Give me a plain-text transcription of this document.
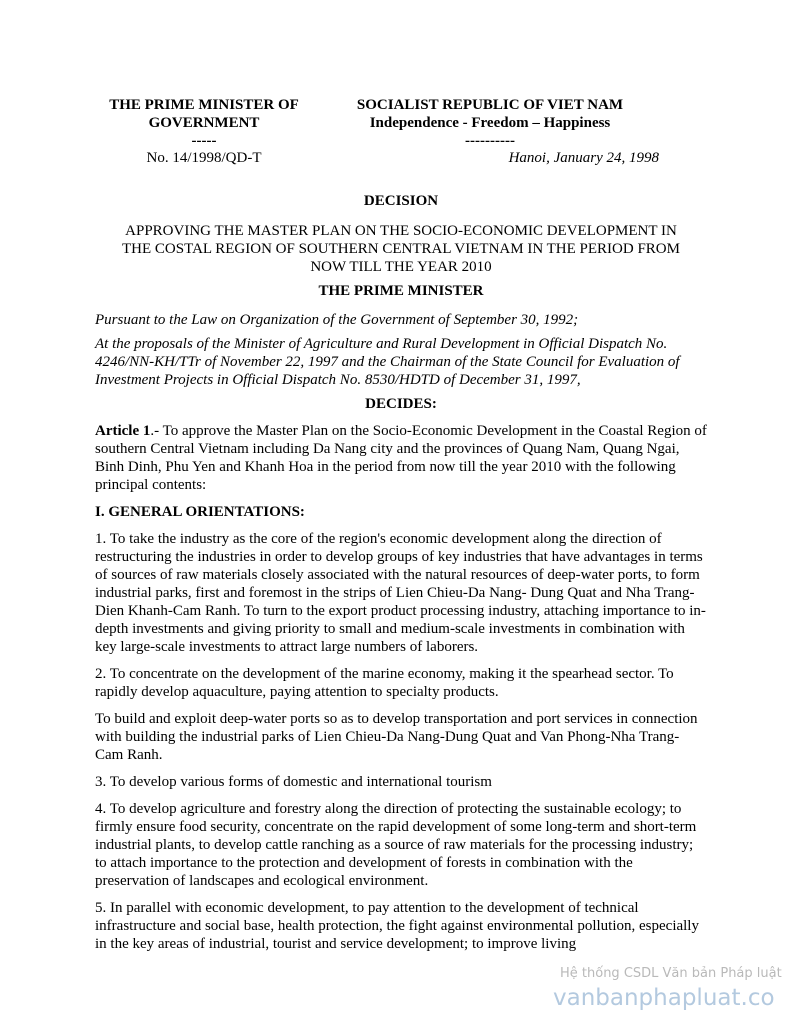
THE PRIME MINISTER OF
GOVERNMENT
-----
SOCIALIST REPUBLIC OF VIET NAM
Independence - Freedom – Happiness
----------
No. 14/1998/QD-T	Hanoi, January 24, 1998
DECISION
APPROVING THE MASTER PLAN ON THE SOCIO-ECONOMIC DEVELOPMENT IN
THE COSTAL REGION OF SOUTHERN CENTRAL VIETNAM IN THE PERIOD FROM
NOW TILL THE YEAR 2010
THE PRIME MINISTER
Pursuant to the Law on Organization of the Government of September 30, 1992;
At the proposals of the Minister of Agriculture and Rural Development in Official Dispatch No. 4246/NN-KH/TTr of November 22, 1997 and the Chairman of the State Council for Evaluation of Investment Projects in Official Dispatch No. 8530/HDTD of December 31, 1997,
DECIDES:
Article 1.- To approve the Master Plan on the Socio-Economic Development in the Coastal Region of southern Central Vietnam including Da Nang city and the provinces of Quang Nam, Quang Ngai, Binh Dinh, Phu Yen and Khanh Hoa in the period from now till the year 2010 with the following principal contents:
I. GENERAL ORIENTATIONS:
1. To take the industry as the core of the region's economic development along the direction of restructuring the industries in order to develop groups of key industries that have advantages in terms of sources of raw materials closely associated with the natural resources of deep-water ports, to form industrial parks, first and foremost in the strips of Lien Chieu-Da Nang- Dung Quat and Nha Trang-Dien Khanh-Cam Ranh. To turn to the export product processing industry, attaching importance to in-depth investments and giving priority to small and medium-scale investments in combination with key large-scale investments to attract large numbers of laborers.
2. To concentrate on the development of the marine economy, making it the spearhead sector. To rapidly develop aquaculture, paying attention to specialty products.
To build and exploit deep-water ports so as to develop transportation and port services in connection with building the industrial parks of Lien Chieu-Da Nang-Dung Quat and Van Phong-Nha Trang-Cam Ranh.
3. To develop various forms of domestic and international tourism
4. To develop agriculture and forestry along the direction of protecting the sustainable ecology; to firmly ensure food security, concentrate on the rapid development of some long-term and short-term industrial plants, to develop cattle ranching as a source of raw materials for the processing industry; to attach importance to the protection and development of forests in combination with the preservation of landscapes and ecological environment.
5. In parallel with economic development, to pay attention to the development of technical infrastructure and social base, health protection, the fight against environmental pollution, especially in the key areas of industrial, tourist and service development; to improve living
Hệ thống CSDL Văn bản Pháp luật
vanbanphapluat.co
